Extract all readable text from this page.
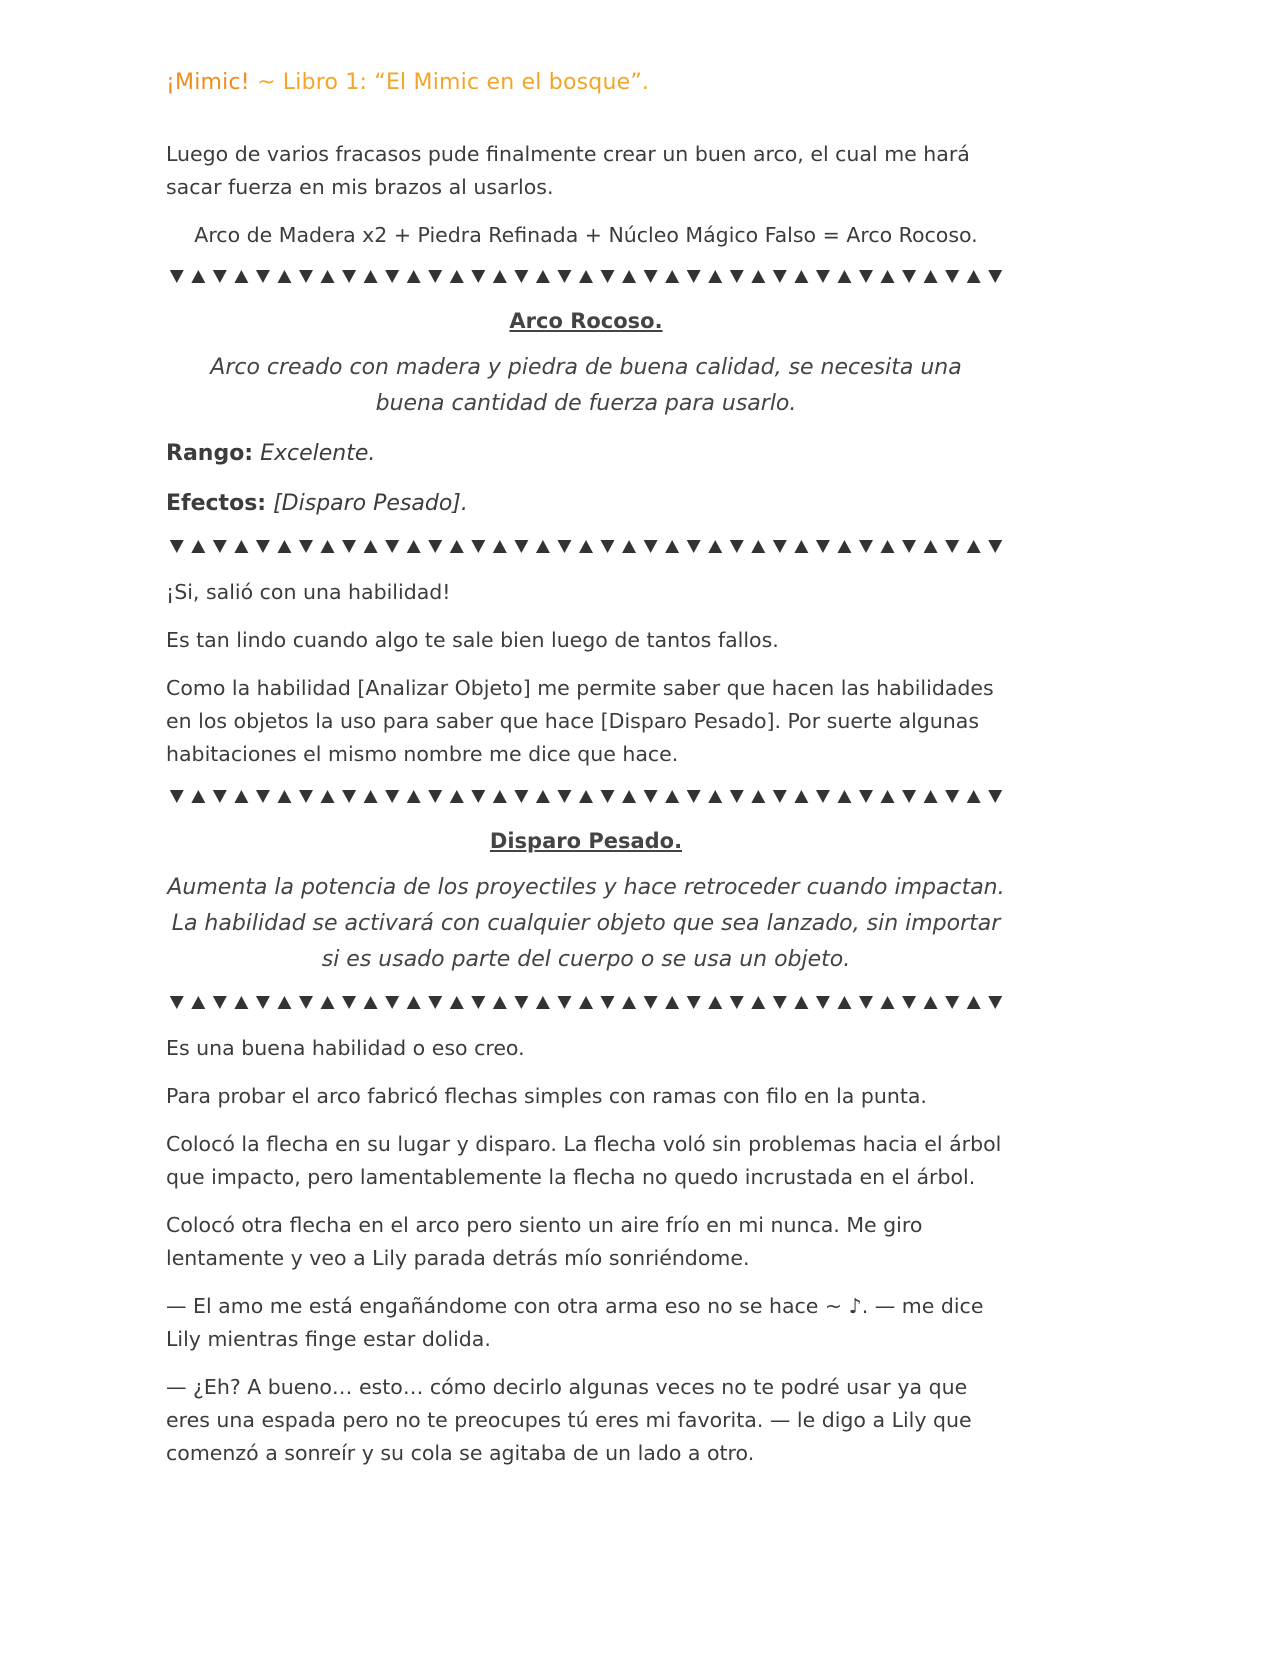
¡Mimic! ~ Libro 1: “El Mimic en el bosque”.

Luego de varios fracasos pude finalmente crear un buen arco, el cual me hará sacar fuerza en mis brazos al usarlos.

Arco de Madera x2 + Piedra Refinada + Núcleo Mágico Falso = Arco Rocoso.

Arco Rocoso.
Arco creado con madera y piedra de buena calidad, se necesita una buena cantidad de fuerza para usarlo.
Rango: Excelente.
Efectos: [Disparo Pesado].

¡Si, salió con una habilidad!

Es tan lindo cuando algo te sale bien luego de tantos fallos.

Como la habilidad [Analizar Objeto] me permite saber que hacen las habilidades en los objetos la uso para saber que hace [Disparo Pesado]. Por suerte algunas habitaciones el mismo nombre me dice que hace.

Disparo Pesado.
Aumenta la potencia de los proyectiles y hace retroceder cuando impactan. La habilidad se activará con cualquier objeto que sea lanzado, sin importar si es usado parte del cuerpo o se usa un objeto.

Es una buena habilidad o eso creo.

Para probar el arco fabricó flechas simples con ramas con filo en la punta.

Colocó la flecha en su lugar y disparo. La flecha voló sin problemas hacia el árbol que impacto, pero lamentablemente la flecha no quedo incrustada en el árbol.

Colocó otra flecha en el arco pero siento un aire frío en mi nunca. Me giro lentamente y veo a Lily parada detrás mío sonriéndome.

— El amo me está engañándome con otra arma eso no se hace ~ ♪. — me dice Lily mientras finge estar dolida.

— ¿Eh? A bueno… esto… cómo decirlo algunas veces no te podré usar ya que eres una espada pero no te preocupes tú eres mi favorita. — le digo a Lily que comenzó a sonreír y su cola se agitaba de un lado a otro.
